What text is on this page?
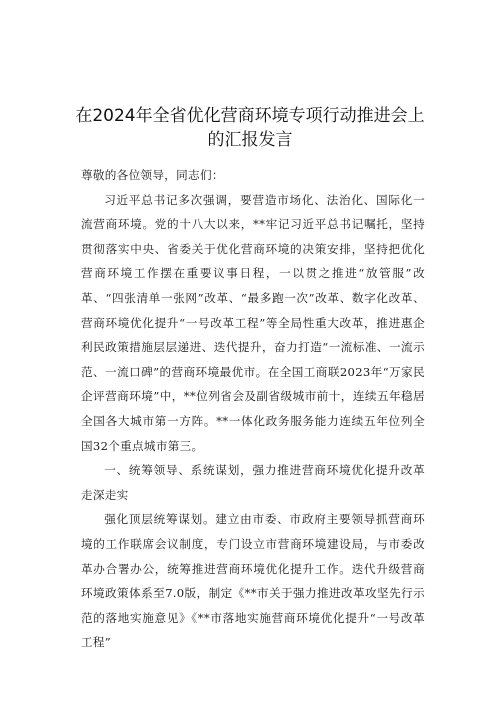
在2024年全省优化营商环境专项行动推进会上
的汇报发言

尊敬的各位领导，同志们：

习近平总书记多次强调，要营造市场化、法治化、国际化一流营商环境。党的十八大以来，**牢记习近平总书记嘱托，坚持贯彻落实中央、省委关于优化营商环境的决策安排，坚持把优化营商环境工作摆在重要议事日程，一以贯之推进“放管服”改革、“四张清单一张网”改革、“最多跑一次”改革、数字化改革、营商环境优化提升“一号改革工程”等全局性重大改革，推进惠企利民政策措施层层递进、迭代提升，奋力打造“一流标准、一流示范、一流口碑”的营商环境最优市。在全国工商联2023年“万家民企评营商环境”中，**位列省会及副省级城市前十，连续五年稳居全国各大城市第一方阵。**一体化政务服务能力连续五年位列全国32个重点城市第三。

一、统筹领导、系统谋划，强力推进营商环境优化提升改革走深走实

强化顶层统筹谋划。建立由市委、市政府主要领导抓营商环境的工作联席会议制度，专门设立市营商环境建设局，与市委改革办合署办公，统筹推进营商环境优化提升工作。迭代升级营商环境政策体系至7.0版，制定《**市关于强力推进改革攻坚先行示范的落地实施意见》《**市落地实施营商环境优化提升“一号改革工程”
